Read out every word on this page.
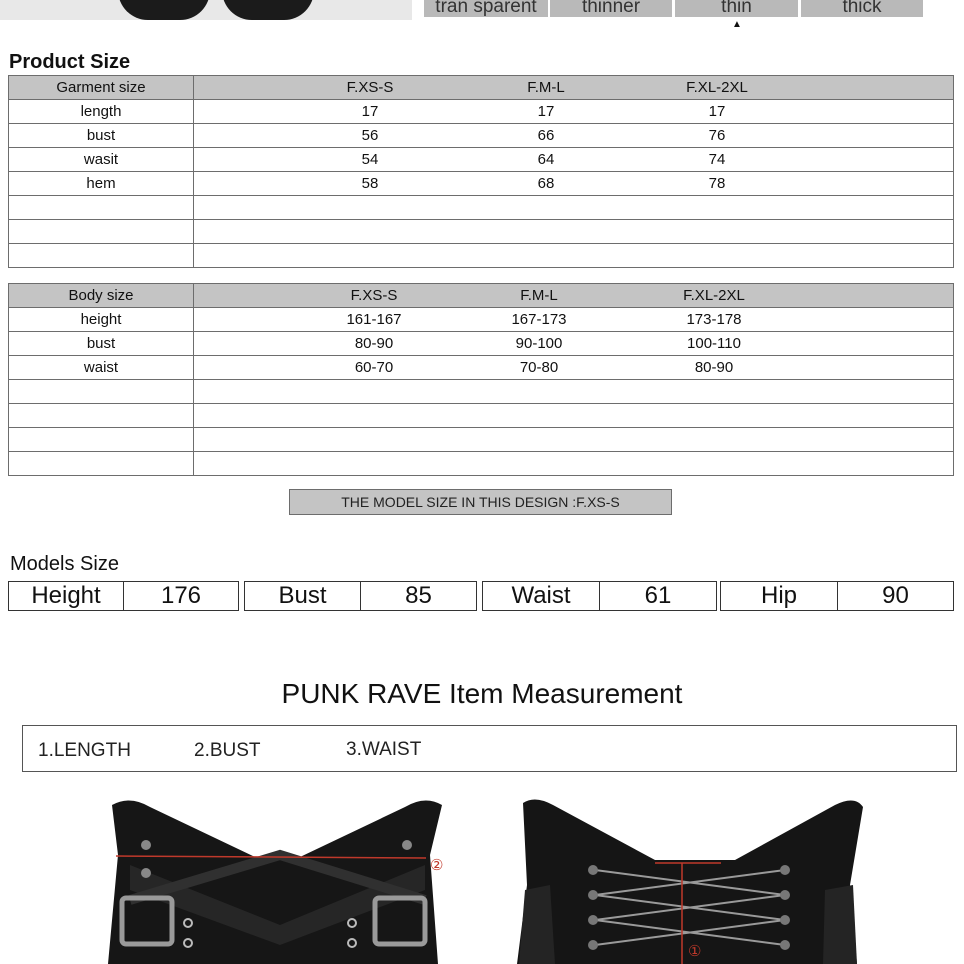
tran sparent	thinner	thin	thick
▲
Product Size
Garment size	F.XS-S F.M-L F.XL-2XL

length	17 17 17

bust	56 66 76

wasit	54 64 74

hem	58 68 78

Body size	F.XS-S F.M-L F.XL-2XL

height	161-167 167-173 173-178

bust	80-90 90-100 100-110

waist	60-70 70-80 80-90

THE MODEL SIZE IN THIS DESIGN :F.XS-S
Models Size
Height	176	Bust	85	Waist	61	Hip	90
PUNK RAVE Item Measurement
1.LENGTH	2.BUST	3.WAIST
②
①
